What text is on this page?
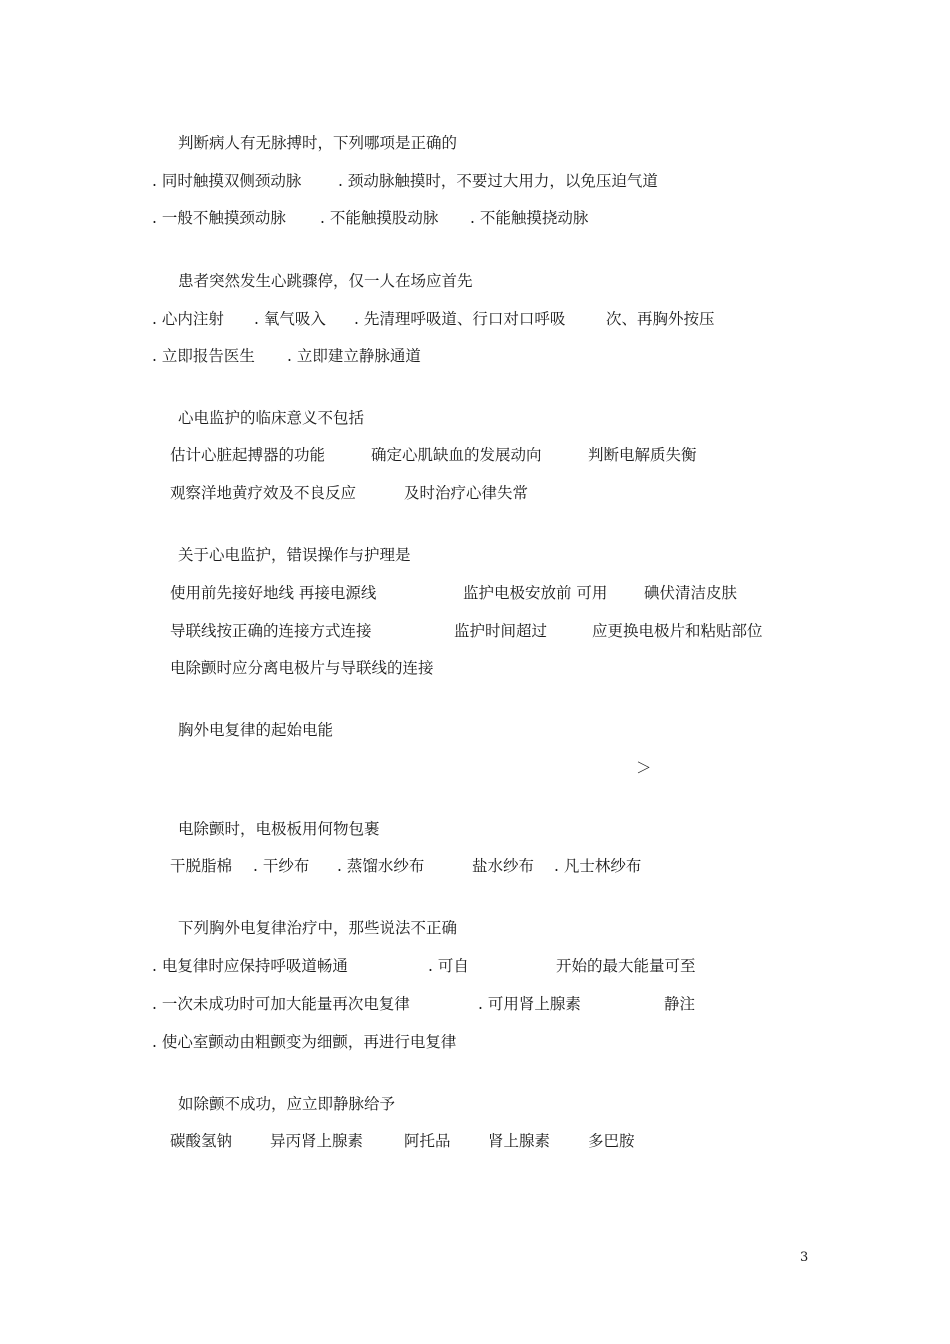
判断病人有无脉搏时，下列哪项是正确的
. 同时触摸双侧颈动脉 . 颈动脉触摸时，不要过大用力，以免压迫气道
. 一般不触摸颈动脉 . 不能触摸股动脉 . 不能触摸挠动脉
患者突然发生心跳骤停，仅一人在场应首先
. 心内注射 . 氧气吸入 . 先清理呼吸道、行口对口呼吸	次、再胸外按压
. 立即报告医生 . 立即建立静脉通道
心电监护的临床意义不包括
估计心脏起搏器的功能	确定心肌缺血的发展动向	判断电解质失衡
观察洋地黄疗效及不良反应	及时治疗心律失常
关于心电监护，错误操作与护理是
使用前先接好地线 再接电源线	监护电极安放前 可用 碘伏清洁皮肤
导联线按正确的连接方式连接	监护时间超过	应更换电极片和粘贴部位
电除颤时应分离电极片与导联线的连接
胸外电复律的起始电能
＞
电除颤时，电极板用何物包裹
干脱脂棉 . 干纱布 . 蒸馏水纱布	盐水纱布 . 凡士林纱布
下列胸外电复律治疗中，那些说法不正确
. 电复律时应保持呼吸道畅通	. 可自	开始的最大能量可至
. 一次未成功时可加大能量再次电复律	. 可用肾上腺素	静注
. 使心室颤动由粗颤变为细颤，再进行电复律
如除颤不成功，应立即静脉给予
碳酸氢钠 异丙肾上腺素	阿托品 肾上腺素 多巴胺
3
